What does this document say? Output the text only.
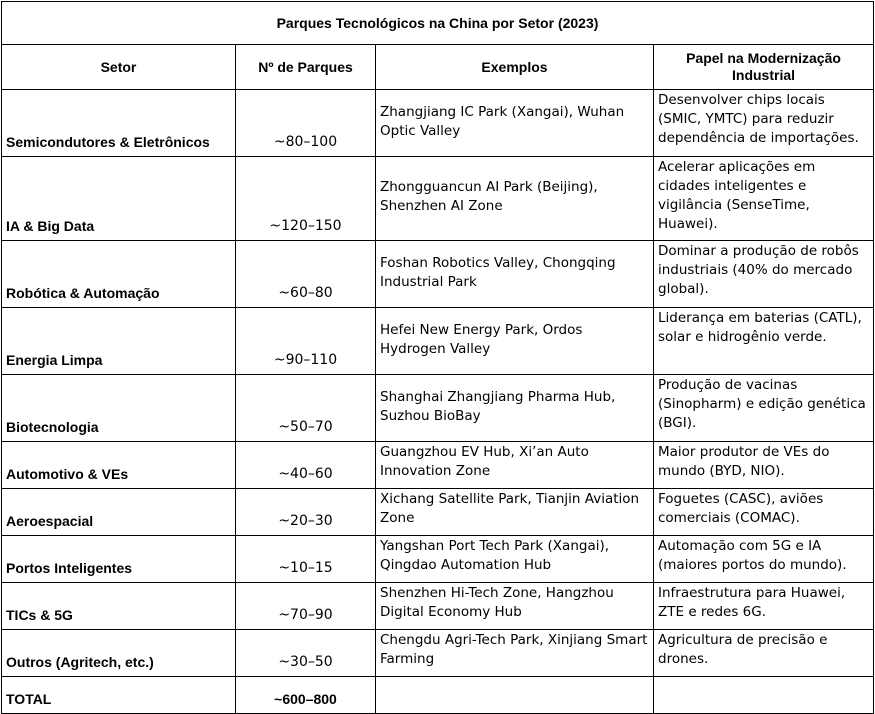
Parques Tecnológicos na China por Setor (2023)			
Setor	Nº de Parques	Exemplos	Papel na Modernização Industrial
Semicondutores & Eletrônicos	~80–100	Zhangjiang IC Park (Xangai), Wuhan Optic Valley	Desenvolver chips locais (SMIC, YMTC) para reduzir dependência de importações.
IA & Big Data	~120–150	Zhongguancun AI Park (Beijing), Shenzhen AI Zone	Acelerar aplicações em cidades inteligentes e vigilância (SenseTime, Huawei).
Robótica & Automação	~60–80	Foshan Robotics Valley, Chongqing Industrial Park	Dominar a produção de robôs industriais (40% do mercado global).
Energia Limpa	~90–110	Hefei New Energy Park, Ordos Hydrogen Valley	Liderança em baterias (CATL), solar e hidrogênio verde.
Biotecnologia	~50–70	Shanghai Zhangjiang Pharma Hub, Suzhou BioBay	Produção de vacinas (Sinopharm) e edição genética (BGI).
Automotivo & VEs	~40–60	Guangzhou EV Hub, Xi’an Auto Innovation Zone	Maior produtor de VEs do mundo (BYD, NIO).
Aeroespacial	~20–30	Xichang Satellite Park, Tianjin Aviation Zone	Foguetes (CASC), aviões comerciais (COMAC).
Portos Inteligentes	~10–15	Yangshan Port Tech Park (Xangai), Qingdao Automation Hub	Automação com 5G e IA (maiores portos do mundo).
TICs & 5G	~70–90	Shenzhen Hi-Tech Zone, Hangzhou Digital Economy Hub	Infraestrutura para Huawei, ZTE e redes 6G.
Outros (Agritech, etc.)	~30–50	Chengdu Agri-Tech Park, Xinjiang Smart Farming	Agricultura de precisão e drones.
TOTAL	~600–800		
